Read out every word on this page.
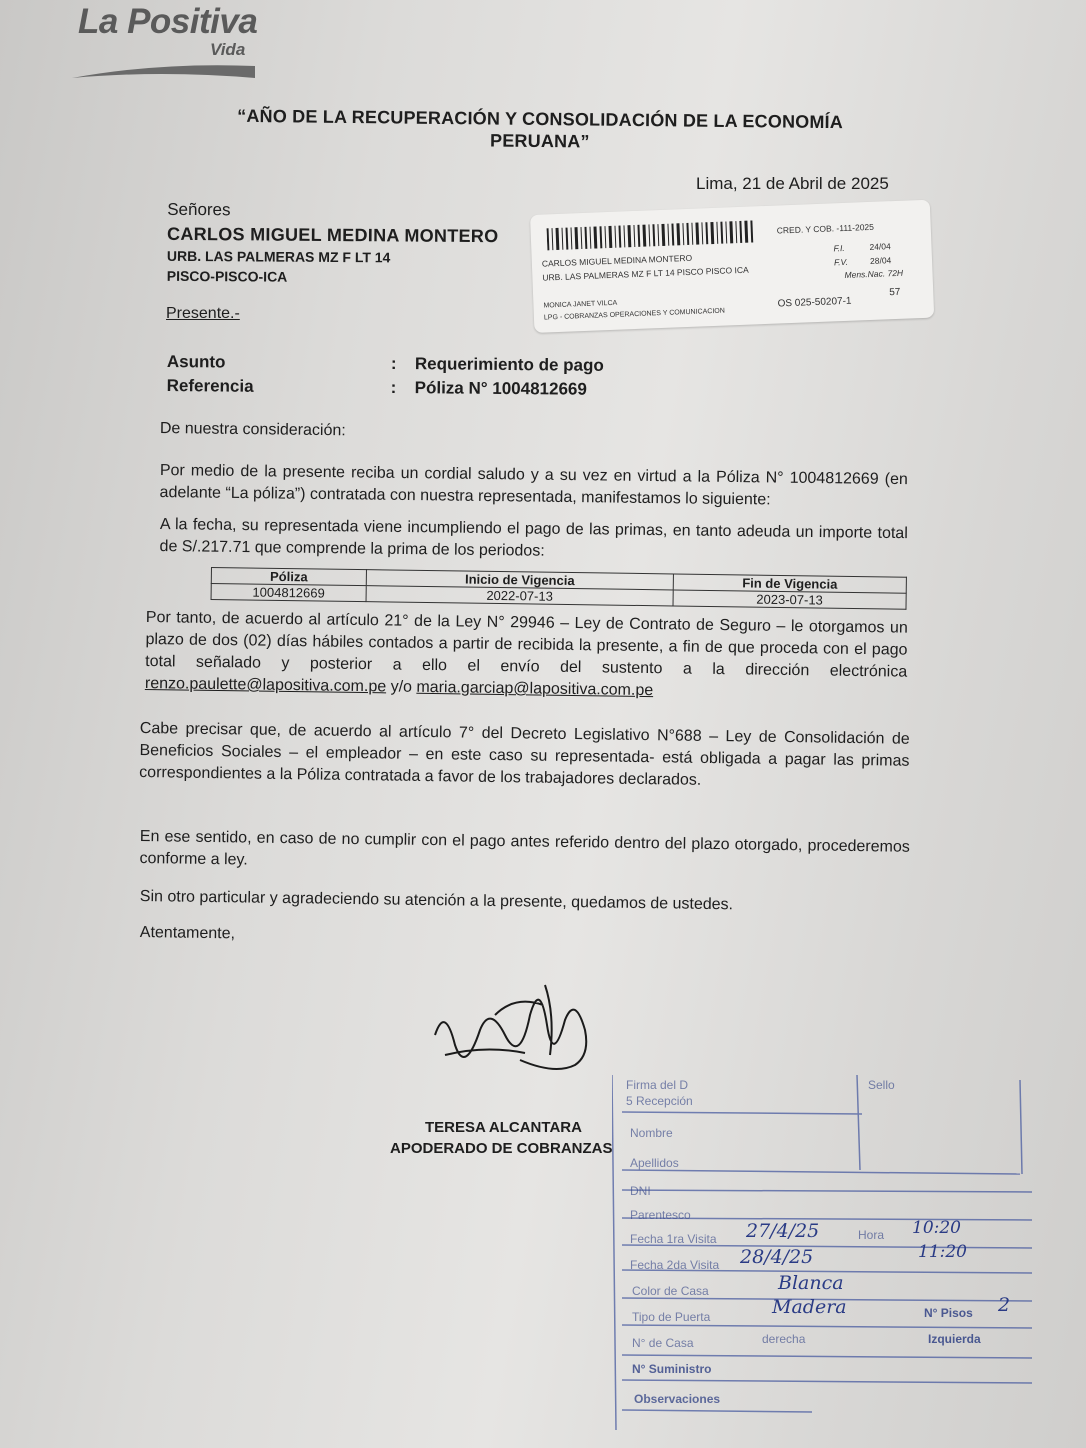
La Positiva
Vida
“AÑO DE LA RECUPERACIÓN Y CONSOLIDACIÓN DE LA ECONOMÍA PERUANA”
Lima, 21 de Abril de 2025
Señores
CARLOS MIGUEL MEDINA MONTERO
URB. LAS PALMERAS MZ F LT 14
PISCO-PISCO-ICA
Presente.-
CRED. Y COB. -111-2025
CARLOS MIGUEL MEDINA MONTERO
URB. LAS PALMERAS MZ F LT 14 PISCO PISCO ICA
F.I.	24/04
F.V.	28/04
Mens.Nac. 72H
MONICA JANET VILCA
LPG - COBRANZAS OPERACIONES Y COMUNICACION
OS 025-50207-1
57
Asunto	:	Requerimiento de pago
Referencia	:	Póliza N° 1004812669

De nuestra consideración:

Por medio de la presente reciba un cordial saludo y a su vez en virtud a la Póliza N° 1004812669 (en adelante “La póliza”) contratada con nuestra representada, manifestamos lo siguiente:

A la fecha, su representada viene incumpliendo el pago de las primas, en tanto adeuda un importe total de S/.217.71 que comprende la prima de los periodos:

Póliza	Inicio de Vigencia	Fin de Vigencia
1004812669	2022-07-13	2023-07-13

Por tanto, de acuerdo al artículo 21° de la Ley N° 29946 – Ley de Contrato de Seguro – le otorgamos un plazo de dos (02) días hábiles contados a partir de recibida la presente, a fin de que proceda con el pago total señalado y posterior a ello el envío del sustento a la dirección electrónica renzo.paulette@lapositiva.com.pe y/o maria.garciap@lapositiva.com.pe

Cabe precisar que, de acuerdo al artículo 7° del Decreto Legislativo N°688 – Ley de Consolidación de Beneficios Sociales – el empleador – en este caso su representada- está obligada a pagar las primas correspondientes a la Póliza contratada a favor de los trabajadores declarados.

En ese sentido, en caso de no cumplir con el pago antes referido dentro del plazo otorgado, procederemos conforme a ley.

Sin otro particular y agradeciendo su atención a la presente, quedamos de ustedes.

Atentamente,

TERESA ALCANTARA
APODERADO DE COBRANZAS
Firma del D
5 Recepción
Sello
Nombre
Apellidos
DNI
Parentesco
Fecha 1ra Visita 27/4/25	Hora 10:20
Fecha 2da Visita 28/4/25	11:20
Color de Casa	Blanca
Tipo de Puerta	Madera	N° Pisos 2
N° de Casa	derecha	Izquierda
N° Suministro
Observaciones
